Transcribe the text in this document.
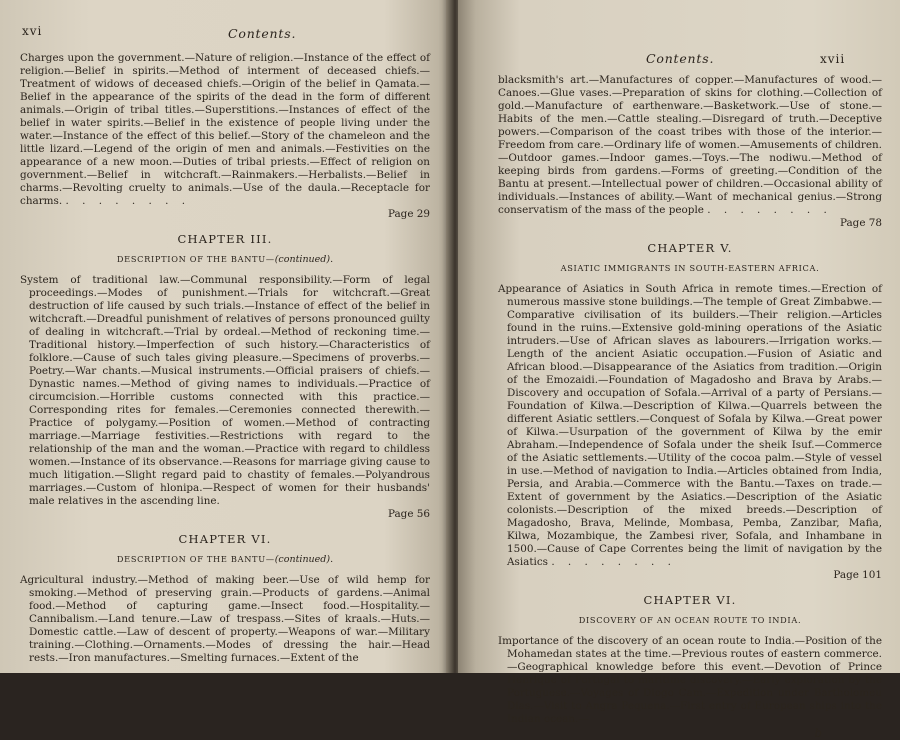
xvi	Contents.
Charges upon the government.—Nature of religion.—Instance of the effect of religion.—Belief in spirits.—Method of interment of deceased chiefs.—Treatment of widows of deceased chiefs.—Origin of the belief in Qamata.—Belief in the appearance of the spirits of the dead in the form of different animals.—Origin of tribal titles.—Superstitions.—Instances of effect of the belief in water spirits.—Belief in the existence of people living under the water.—Instance of the effect of this belief.—Story of the chameleon and the little lizard.—Legend of the origin of men and animals.—Festivities on the appearance of a new moon.—Duties of tribal priests.—Effect of religion on government.—Belief in witchcraft.—Rainmakers.—Herbalists.—Belief in charms.—Revolting cruelty to animals.—Use of the daula.—Receptacle for charms. . . . . . . . .
Page 29
CHAPTER III.
DESCRIPTION OF THE BANTU—(continued).
System of traditional law.—Communal responsibility.—Form of legal proceedings.—Modes of punishment.—Trials for witchcraft.—Great destruction of life caused by such trials.—Instance of effect of the belief in witchcraft.—Dreadful punishment of relatives of persons pronounced guilty of dealing in witchcraft.—Trial by ordeal.—Method of reckoning time.—Traditional history.—Imperfection of such history.—Characteristics of folklore.—Cause of such tales giving pleasure.—Specimens of proverbs.—Poetry.—War chants.—Musical instruments.—Official praisers of chiefs.—Dynastic names.—Method of giving names to individuals.—Practice of circumcision.—Horrible customs connected with this practice.—Corresponding rites for females.—Ceremonies connected therewith.—Practice of polygamy.—Position of women.—Method of contracting marriage.—Marriage festivities.—Restrictions with regard to the relationship of the man and the woman.—Practice with regard to childless women.—Instance of its observance.—Reasons for marriage giving cause to much litigation.—Slight regard paid to chastity of females.—Polyandrous marriages.—Custom of hlonipa.—Respect of women for their husbands' male relatives in the ascending line.
Page 56
CHAPTER VI.
DESCRIPTION OF THE BANTU—(continued).
Agricultural industry.—Method of making beer.—Use of wild hemp for smoking.—Method of preserving grain.—Products of gardens.—Animal food.—Method of capturing game.—Insect food.—Hospitality.—Cannibalism.—Land tenure.—Law of trespass.—Sites of kraals.—Huts.—Domestic cattle.—Law of descent of property.—Weapons of war.—Military training.—Clothing.—Ornaments.—Modes of dressing the hair.—Head rests.—Iron manufactures.—Smelting furnaces.—Extent of the
Contents.	xvii
blacksmith's art.—Manufactures of copper.—Manufactures of wood.—Canoes.—Glue vases.—Preparation of skins for clothing.—Collection of gold.—Manufacture of earthenware.—Basketwork.—Use of stone.—Habits of the men.—Cattle stealing.—Disregard of truth.—Deceptive powers.—Comparison of the coast tribes with those of the interior.—Freedom from care.—Ordinary life of women.—Amusements of children.—Outdoor games.—Indoor games.—Toys.—The nodiwu.—Method of keeping birds from gardens.—Forms of greeting.—Condition of the Bantu at present.—Intellectual power of children.—Occasional ability of individuals.—Instances of ability.—Want of mechanical genius.—Strong conservatism of the mass of the people . . . . . . . .
Page 78
CHAPTER V.
ASIATIC IMMIGRANTS IN SOUTH-EASTERN AFRICA.
Appearance of Asiatics in South Africa in remote times.—Erection of numerous massive stone buildings.—The temple of Great Zimbabwe.—Comparative civilisation of its builders.—Their religion.—Articles found in the ruins.—Extensive gold-mining operations of the Asiatic intruders.—Use of African slaves as labourers.—Irrigation works.—Length of the ancient Asiatic occupation.—Fusion of Asiatic and African blood.—Disappearance of the Asiatics from tradition.—Origin of the Emozaidi.—Foundation of Magadosho and Brava by Arabs.—Discovery and occupation of Sofala.—Arrival of a party of Persians.—Foundation of Kilwa.—Description of Kilwa.—Quarrels between the different Asiatic settlers.—Conquest of Sofala by Kilwa.—Great power of Kilwa.—Usurpation of the government of Kilwa by the emir Abraham.—Independence of Sofala under the sheik Isuf.—Commerce of the Asiatic settlements.—Utility of the cocoa palm.—Style of vessel in use.—Method of navigation to India.—Articles obtained from India, Persia, and Arabia.—Commerce with the Bantu.—Taxes on trade.—Extent of government by the Asiatics.—Description of the Asiatic colonists.—Description of the mixed breeds.—Description of Magadosho, Brava, Melinde, Mombasa, Pemba, Zanzibar, Mafia, Kilwa, Mozambique, the Zambesi river, Sofala, and Inhambane in 1500.—Cause of Cape Correntes being the limit of navigation by the Asiatics . . . . . . . .
Page 101
CHAPTER VI.
DISCOVERY OF AN OCEAN ROUTE TO INDIA.
Importance of the discovery of an ocean route to India.—Position of the Mohamedan states at the time.—Previous routes of eastern commerce.—Geographical knowledge before this event.—Devotion of Prince Henrique of Portugal to maritime discovery.—Early exploration by the Portuguese.—Voyages of Diogo Cam.—Expedition under Bartholomeu Dias.—Visit to Angra Pequena.—First entry of European ships into the Indian ocean.—
b
